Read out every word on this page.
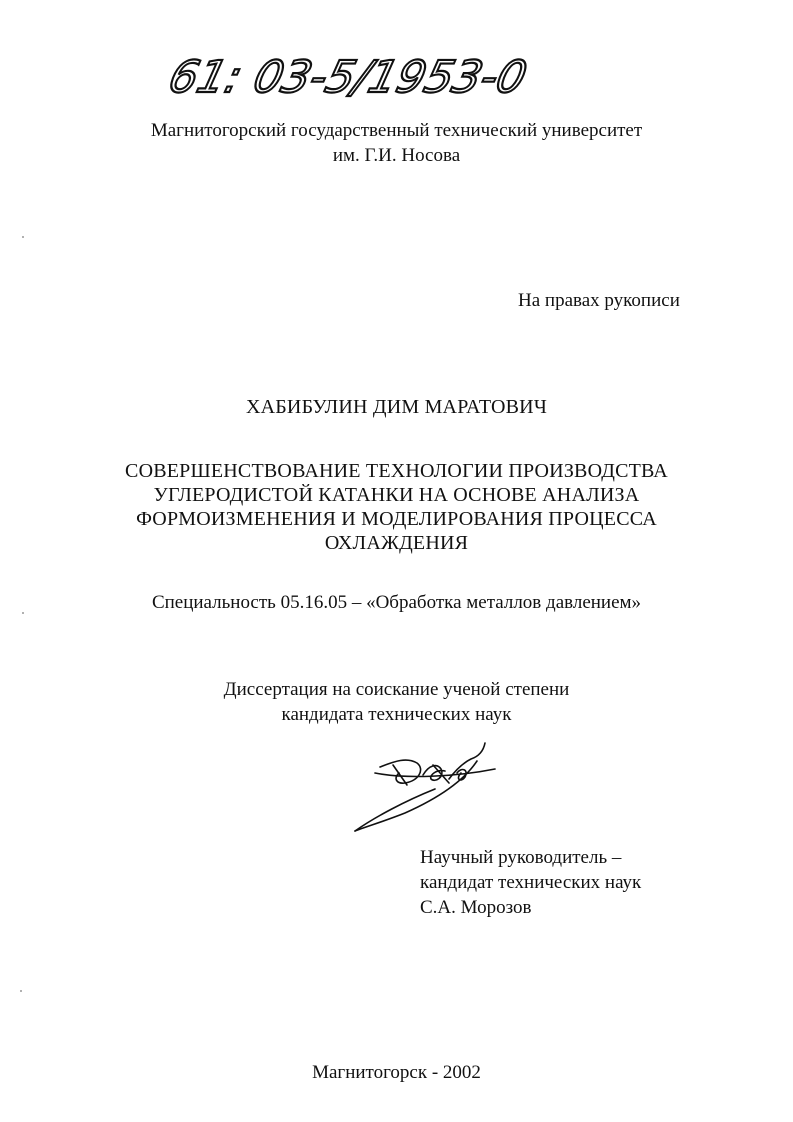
61: 03-5/1953-0
Магнитогорский государственный технический университет
им. Г.И. Носова
На правах рукописи
ХАБИБУЛИН ДИМ МАРАТОВИЧ
СОВЕРШЕНСТВОВАНИЕ ТЕХНОЛОГИИ ПРОИЗВОДСТВА
УГЛЕРОДИСТОЙ КАТАНКИ НА ОСНОВЕ АНАЛИЗА
ФОРМОИЗМЕНЕНИЯ И МОДЕЛИРОВАНИЯ ПРОЦЕССА
ОХЛАЖДЕНИЯ
Специальность 05.16.05 – «Обработка металлов давлением»
Диссертация на соискание ученой степени
кандидата технических наук
Научный руководитель –
кандидат технических наук
С.А. Морозов
Магнитогорск - 2002
